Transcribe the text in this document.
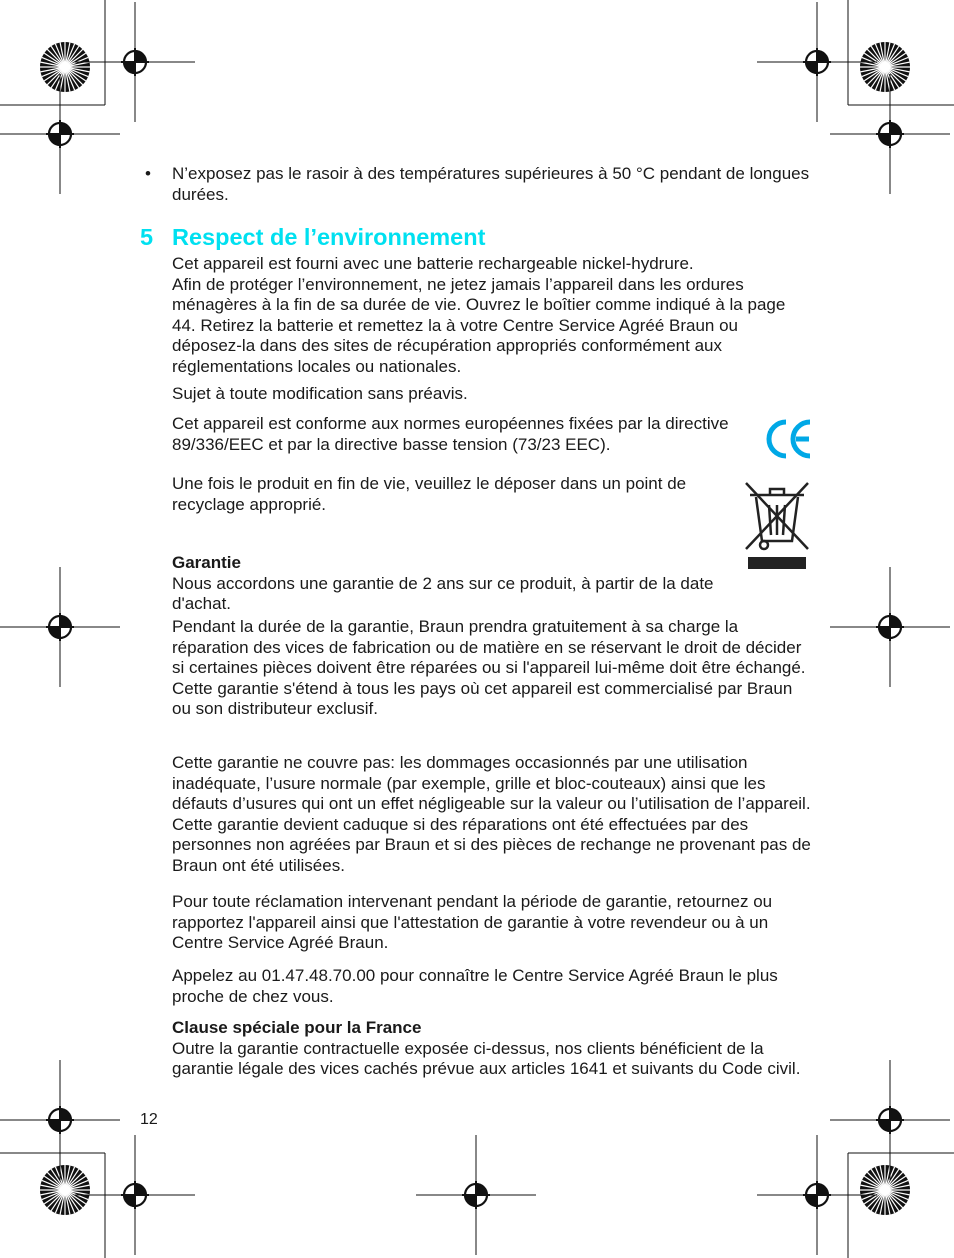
• N’exposez pas le rasoir à des températures supérieures à 50 °C pendant de longues durées.
5 Respect de l’environnement

Cet appareil est fourni avec une batterie rechargeable nickel-hydrure.
Afin de protéger l’environnement, ne jetez jamais l’appareil dans les ordures ménagères à la fin de sa durée de vie. Ouvrez le boîtier comme indiqué à la page 44. Retirez la batterie et remettez la à votre Centre Service Agréé Braun ou déposez-la dans des sites de récupération appropriés conformément aux réglementations locales ou nationales.

Sujet à toute modification sans préavis.

Cet appareil est conforme aux normes européennes fixées par la directive 89/336/EEC et par la directive basse tension (73/23 EEC).

Une fois le produit en fin de vie, veuillez le déposer dans un point de recyclage approprié.

Garantie
Nous accordons une garantie de 2 ans sur ce produit, à partir de la date d'achat.

Pendant la durée de la garantie, Braun prendra gratuitement à sa charge la réparation des vices de fabrication ou de matière en se réservant le droit de décider si certaines pièces doivent être réparées ou si l'appareil lui-même doit être échangé.
Cette garantie s'étend à tous les pays où cet appareil est commercialisé par Braun ou son distributeur exclusif.

Cette garantie ne couvre pas: les dommages occasionnés par une utilisation inadéquate, l’usure normale (par exemple, grille et bloc-couteaux) ainsi que les défauts d’usures qui ont un effet négligeable sur la valeur ou l’utilisation de l’appareil. Cette garantie devient caduque si des réparations ont été effectuées par des personnes non agréées par Braun et si des pièces de rechange ne provenant pas de Braun ont été utilisées.

Pour toute réclamation intervenant pendant la période de garantie, retournez ou rapportez l'appareil ainsi que l'attestation de garantie à votre revendeur ou à un Centre Service Agréé Braun.

Appelez au 01.47.48.70.00 pour connaître le Centre Service Agréé Braun le plus proche de chez vous.

Clause spéciale pour la France
Outre la garantie contractuelle exposée ci-dessus, nos clients bénéficient de la garantie légale des vices cachés prévue aux articles 1641 et suivants du Code civil.

12
